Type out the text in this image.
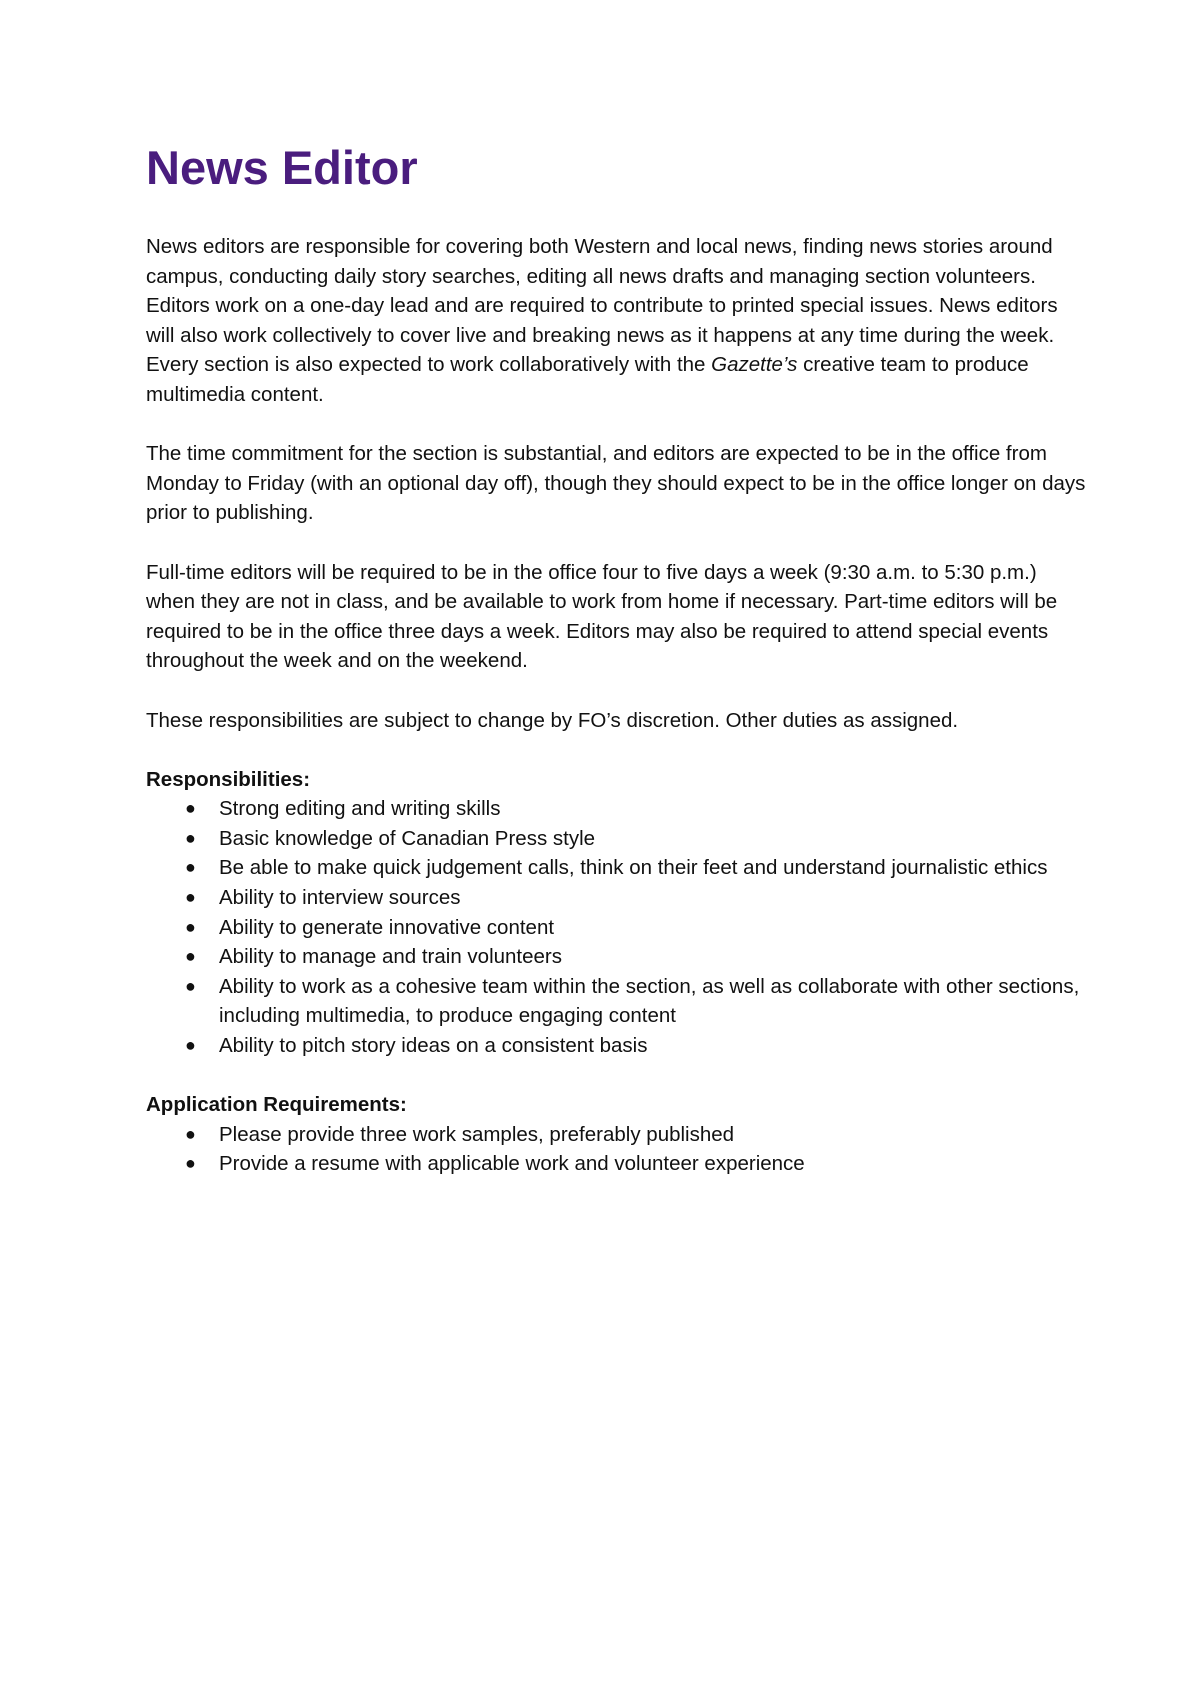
News Editor

News editors are responsible for covering both Western and local news, finding news stories around campus, conducting daily story searches, editing all news drafts and managing section volunteers. Editors work on a one-day lead and are required to contribute to printed special issues. News editors will also work collectively to cover live and breaking news as it happens at any time during the week. Every section is also expected to work collaboratively with the Gazette’s creative team to produce multimedia content.

The time commitment for the section is substantial, and editors are expected to be in the office from Monday to Friday (with an optional day off), though they should expect to be in the office longer on days prior to publishing.

Full-time editors will be required to be in the office four to five days a week (9:30 a.m. to 5:30 p.m.) when they are not in class, and be available to work from home if necessary. Part-time editors will be required to be in the office three days a week. Editors may also be required to attend special events throughout the week and on the weekend.

These responsibilities are subject to change by FO’s discretion. Other duties as assigned.

Responsibilities:

● Strong editing and writing skills
● Basic knowledge of Canadian Press style
● Be able to make quick judgement calls, think on their feet and understand journalistic ethics
● Ability to interview sources
● Ability to generate innovative content
● Ability to manage and train volunteers
● Ability to work as a cohesive team within the section, as well as collaborate with other sections, including multimedia, to produce engaging content
● Ability to pitch story ideas on a consistent basis

Application Requirements:

● Please provide three work samples, preferably published
● Provide a resume with applicable work and volunteer experience
